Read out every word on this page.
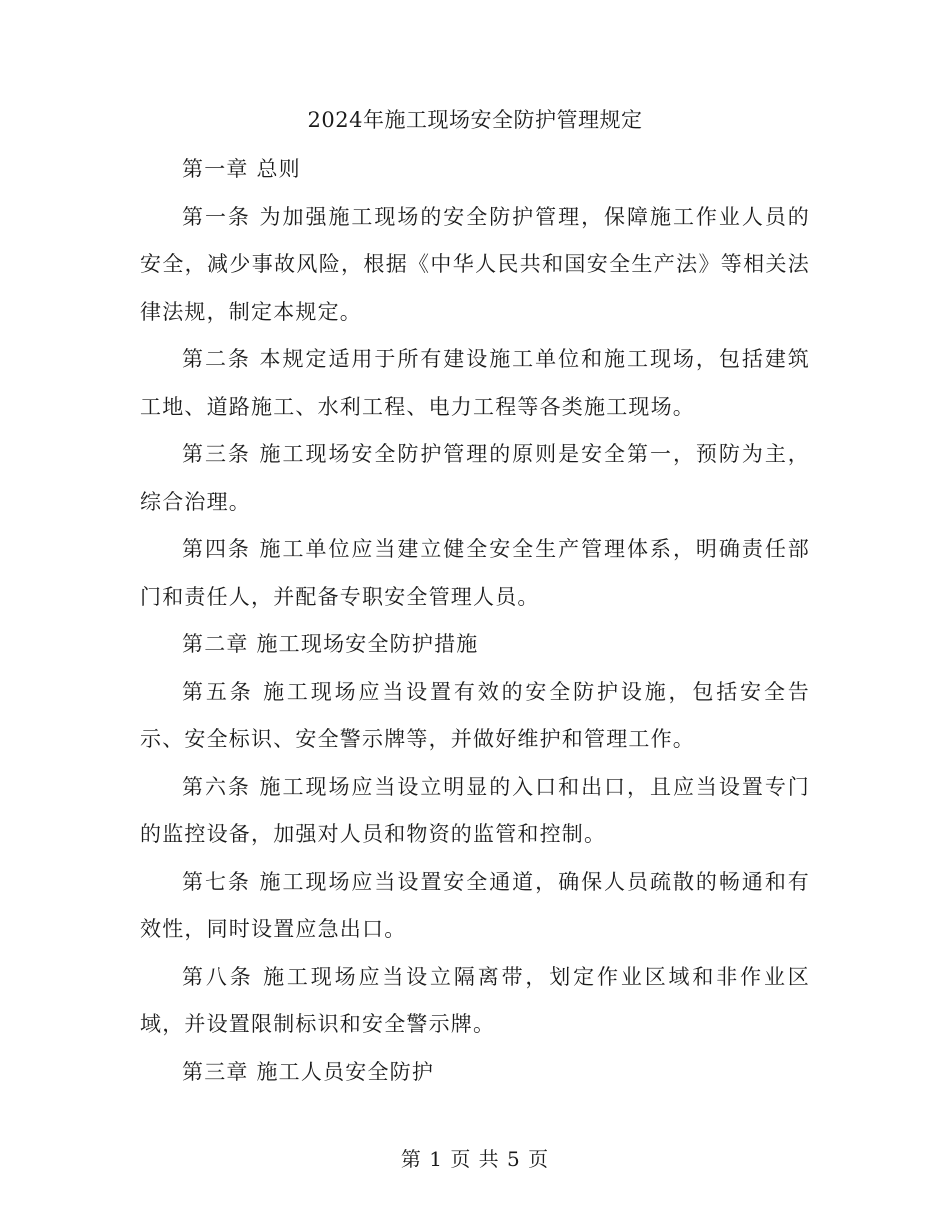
2024年施工现场安全防护管理规定

第一章 总则

第一条 为加强施工现场的安全防护管理，保障施工作业人员的安全，减少事故风险，根据《中华人民共和国安全生产法》等相关法律法规，制定本规定。

第二条 本规定适用于所有建设施工单位和施工现场，包括建筑工地、道路施工、水利工程、电力工程等各类施工现场。

第三条 施工现场安全防护管理的原则是安全第一，预防为主，综合治理。

第四条 施工单位应当建立健全安全生产管理体系，明确责任部门和责任人，并配备专职安全管理人员。

第二章 施工现场安全防护措施

第五条 施工现场应当设置有效的安全防护设施，包括安全告示、安全标识、安全警示牌等，并做好维护和管理工作。

第六条 施工现场应当设立明显的入口和出口，且应当设置专门的监控设备，加强对人员和物资的监管和控制。

第七条 施工现场应当设置安全通道，确保人员疏散的畅通和有效性，同时设置应急出口。

第八条 施工现场应当设立隔离带，划定作业区域和非作业区域，并设置限制标识和安全警示牌。

第三章 施工人员安全防护

第 1 页 共 5 页
